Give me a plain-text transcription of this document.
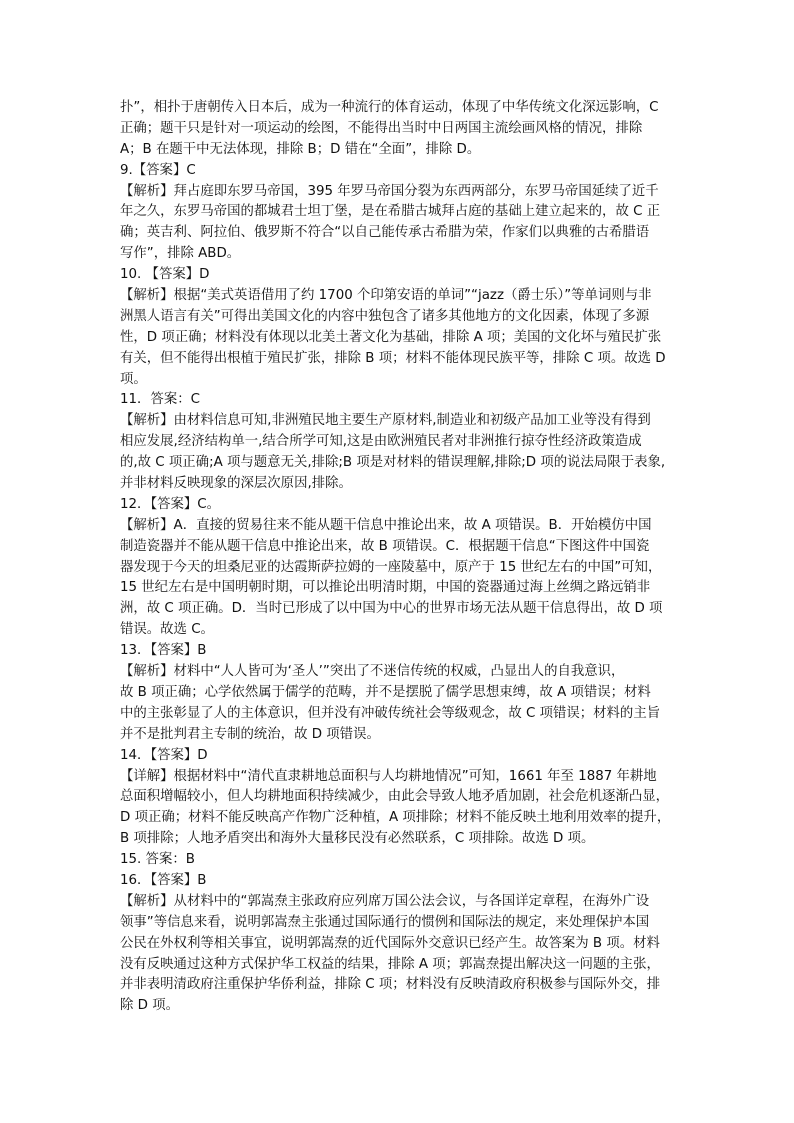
扑”，相扑于唐朝传入日本后，成为一种流行的体育运动，体现了中华传统文化深远影响，C
正确；题干只是针对一项运动的绘图，不能得出当时中日两国主流绘画风格的情况，排除
A；B 在题干中无法体现，排除 B；D 错在“全面”，排除 D。
9.【答案】C
【解析】拜占庭即东罗马帝国，395 年罗马帝国分裂为东西两部分，东罗马帝国延续了近千
年之久，东罗马帝国的都城君士坦丁堡，是在希腊古城拜占庭的基础上建立起来的，故 C 正
确；英吉利、阿拉伯、俄罗斯不符合“以自己能传承古希腊为荣，作家们以典雅的古希腊语
写作”，排除 ABD。
10. 【答案】D
【解析】根据“美式英语借用了约 1700 个印第安语的单词”“jazz（爵士乐）”等单词则与非
洲黑人语言有关”可得出美国文化的内容中独包含了诸多其他地方的文化因素，体现了多源
性，D 项正确；材料没有体现以北美土著文化为基础，排除 A 项；美国的文化坏与殖民扩张
有关，但不能得出根植于殖民扩张，排除 B 项；材料不能体现民族平等，排除 C 项。故选 D
项。
11．答案：C
【解析】由材料信息可知,非洲殖民地主要生产原材料,制造业和初级产品加工业等没有得到
相应发展,经济结构单一,结合所学可知,这是由欧洲殖民者对非洲推行掠夺性经济政策造成
的,故 C 项正确;A 项与题意无关,排除;B 项是对材料的错误理解,排除;D 项的说法局限于表象,
并非材料反映现象的深层次原因,排除。
12．【答案】C。
【解析】A．直接的贸易往来不能从题干信息中推论出来，故 A 项错误。B．开始模仿中国
制造瓷器并不能从题干信息中推论出来，故 B 项错误。C．根据题干信息“下图这件中国瓷
器发现于今天的坦桑尼亚的达霞斯萨拉姆的一座陵墓中，原产于 15 世纪左右的中国”可知，
15 世纪左右是中国明朝时期，可以推论出明清时期，中国的瓷器通过海上丝绸之路远销非
洲，故 C 项正确。D．当时已形成了以中国为中心的世界市场无法从题干信息得出，故 D 项
错误。故选 C。
13．【答案】B
【解析】材料中“人人皆可为‘圣人’”突出了不迷信传统的权威，凸显出人的自我意识，
故 B 项正确；心学依然属于儒学的范畴，并不是摆脱了儒学思想束缚，故 A 项错误；材料
中的主张彰显了人的主体意识，但并没有冲破传统社会等级观念，故 C 项错误；材料的主旨
并不是批判君主专制的统治，故 D 项错误。
14．【答案】D
【详解】根据材料中“清代直隶耕地总面积与人均耕地情况”可知，1661 年至 1887 年耕地
总面积增幅较小，但人均耕地面积持续减少，由此会导致人地矛盾加剧，社会危机逐渐凸显，
D 项正确；材料不能反映高产作物广泛种植，A 项排除；材料不能反映土地利用效率的提升，
B 项排除；人地矛盾突出和海外大量移民没有必然联系，C 项排除。故选 D 项。
15. 答案：B
16．【答案】B
【解析】从材料中的“郭嵩焘主张政府应列席万国公法会议，与各国详定章程，在海外广设
领事”等信息来看，说明郭嵩焘主张通过国际通行的惯例和国际法的规定，来处理保护本国
公民在外权利等相关事宜，说明郭嵩焘的近代国际外交意识已经产生。故答案为 B 项。材料
没有反映通过这种方式保护华工权益的结果，排除 A 项；郭嵩焘提出解决这一问题的主张，
并非表明清政府注重保护华侨利益，排除 C 项；材料没有反映清政府积极参与国际外交，排
除 D 项。
